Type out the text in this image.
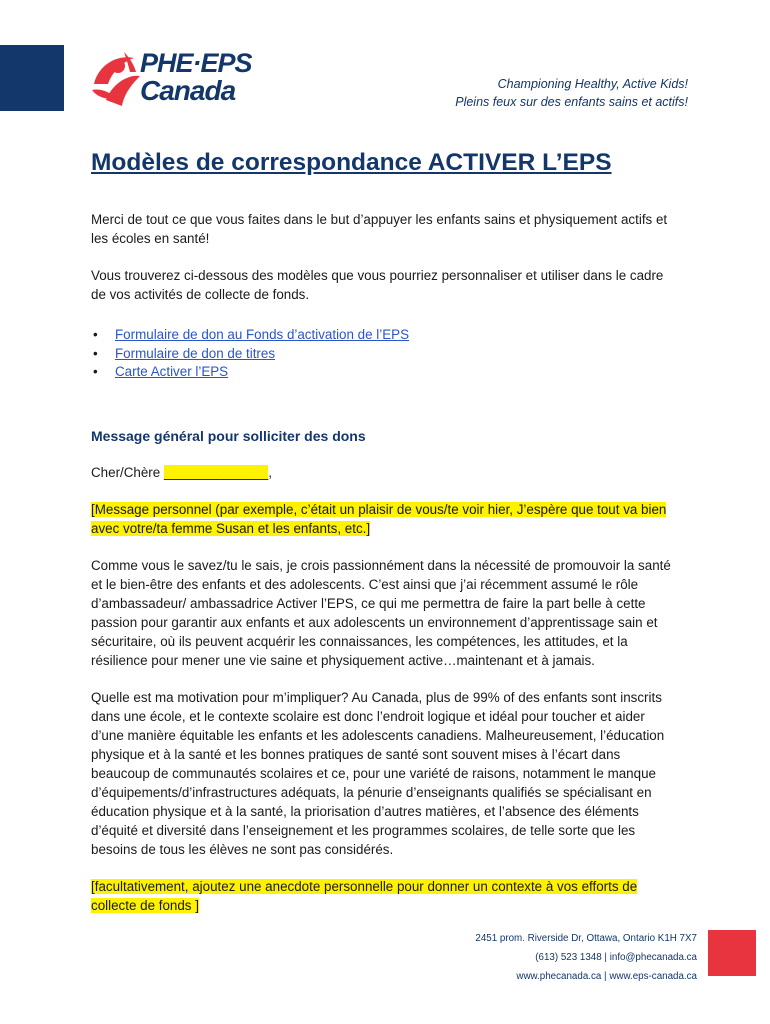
PHE·EPS
Canada	Championing Healthy, Active Kids!
Pleins feux sur des enfants sains et actifs!
Modèles de correspondance ACTIVER L’EPS

Merci de tout ce que vous faites dans le but d’appuyer les enfants sains et physiquement actifs et les écoles en santé!

Vous trouverez ci-dessous des modèles que vous pourriez personnaliser et utiliser dans le cadre de vos activités de collecte de fonds.

• Formulaire de don au Fonds d’activation de l’EPS
• Formulaire de don de titres
• Carte Activer l’EPS
Message général pour solliciter des dons

Cher/Chère ______________,

[Message personnel (par exemple, c’était un plaisir de vous/te voir hier, J’espère que tout va bien avec votre/ta femme Susan et les enfants, etc.]

Comme vous le savez/tu le sais, je crois passionnément dans la nécessité de promouvoir la santé et le bien-être des enfants et des adolescents. C’est ainsi que j’ai récemment assumé le rôle d’ambassadeur/ ambassadrice Activer l’EPS, ce qui me permettra de faire la part belle à cette passion pour garantir aux enfants et aux adolescents un environnement d’apprentissage sain et sécuritaire, où ils peuvent acquérir les connaissances, les compétences, les attitudes, et la résilience pour mener une vie saine et physiquement active…maintenant et à jamais.

Quelle est ma motivation pour m’impliquer? Au Canada, plus de 99% of des enfants sont inscrits dans une école, et le contexte scolaire est donc l’endroit logique et idéal pour toucher et aider d’une manière équitable les enfants et les adolescents canadiens. Malheureusement, l’éducation physique et à la santé et les bonnes pratiques de santé sont souvent mises à l’écart dans beaucoup de communautés scolaires et ce, pour une variété de raisons, notamment le manque d’équipements/d’infrastructures adéquats, la pénurie d’enseignants qualifiés se spécialisant en éducation physique et à la santé, la priorisation d’autres matières, et l’absence des éléments d’équité et diversité dans l’enseignement et les programmes scolaires, de telle sorte que les besoins de tous les élèves ne sont pas considérés.

[facultativement, ajoutez une anecdote personnelle pour donner un contexte à vos efforts de collecte de fonds ]

2451 prom. Riverside Dr, Ottawa, Ontario K1H 7X7
(613) 523 1348 | info@phecanada.ca
www.phecanada.ca | www.eps-canada.ca
